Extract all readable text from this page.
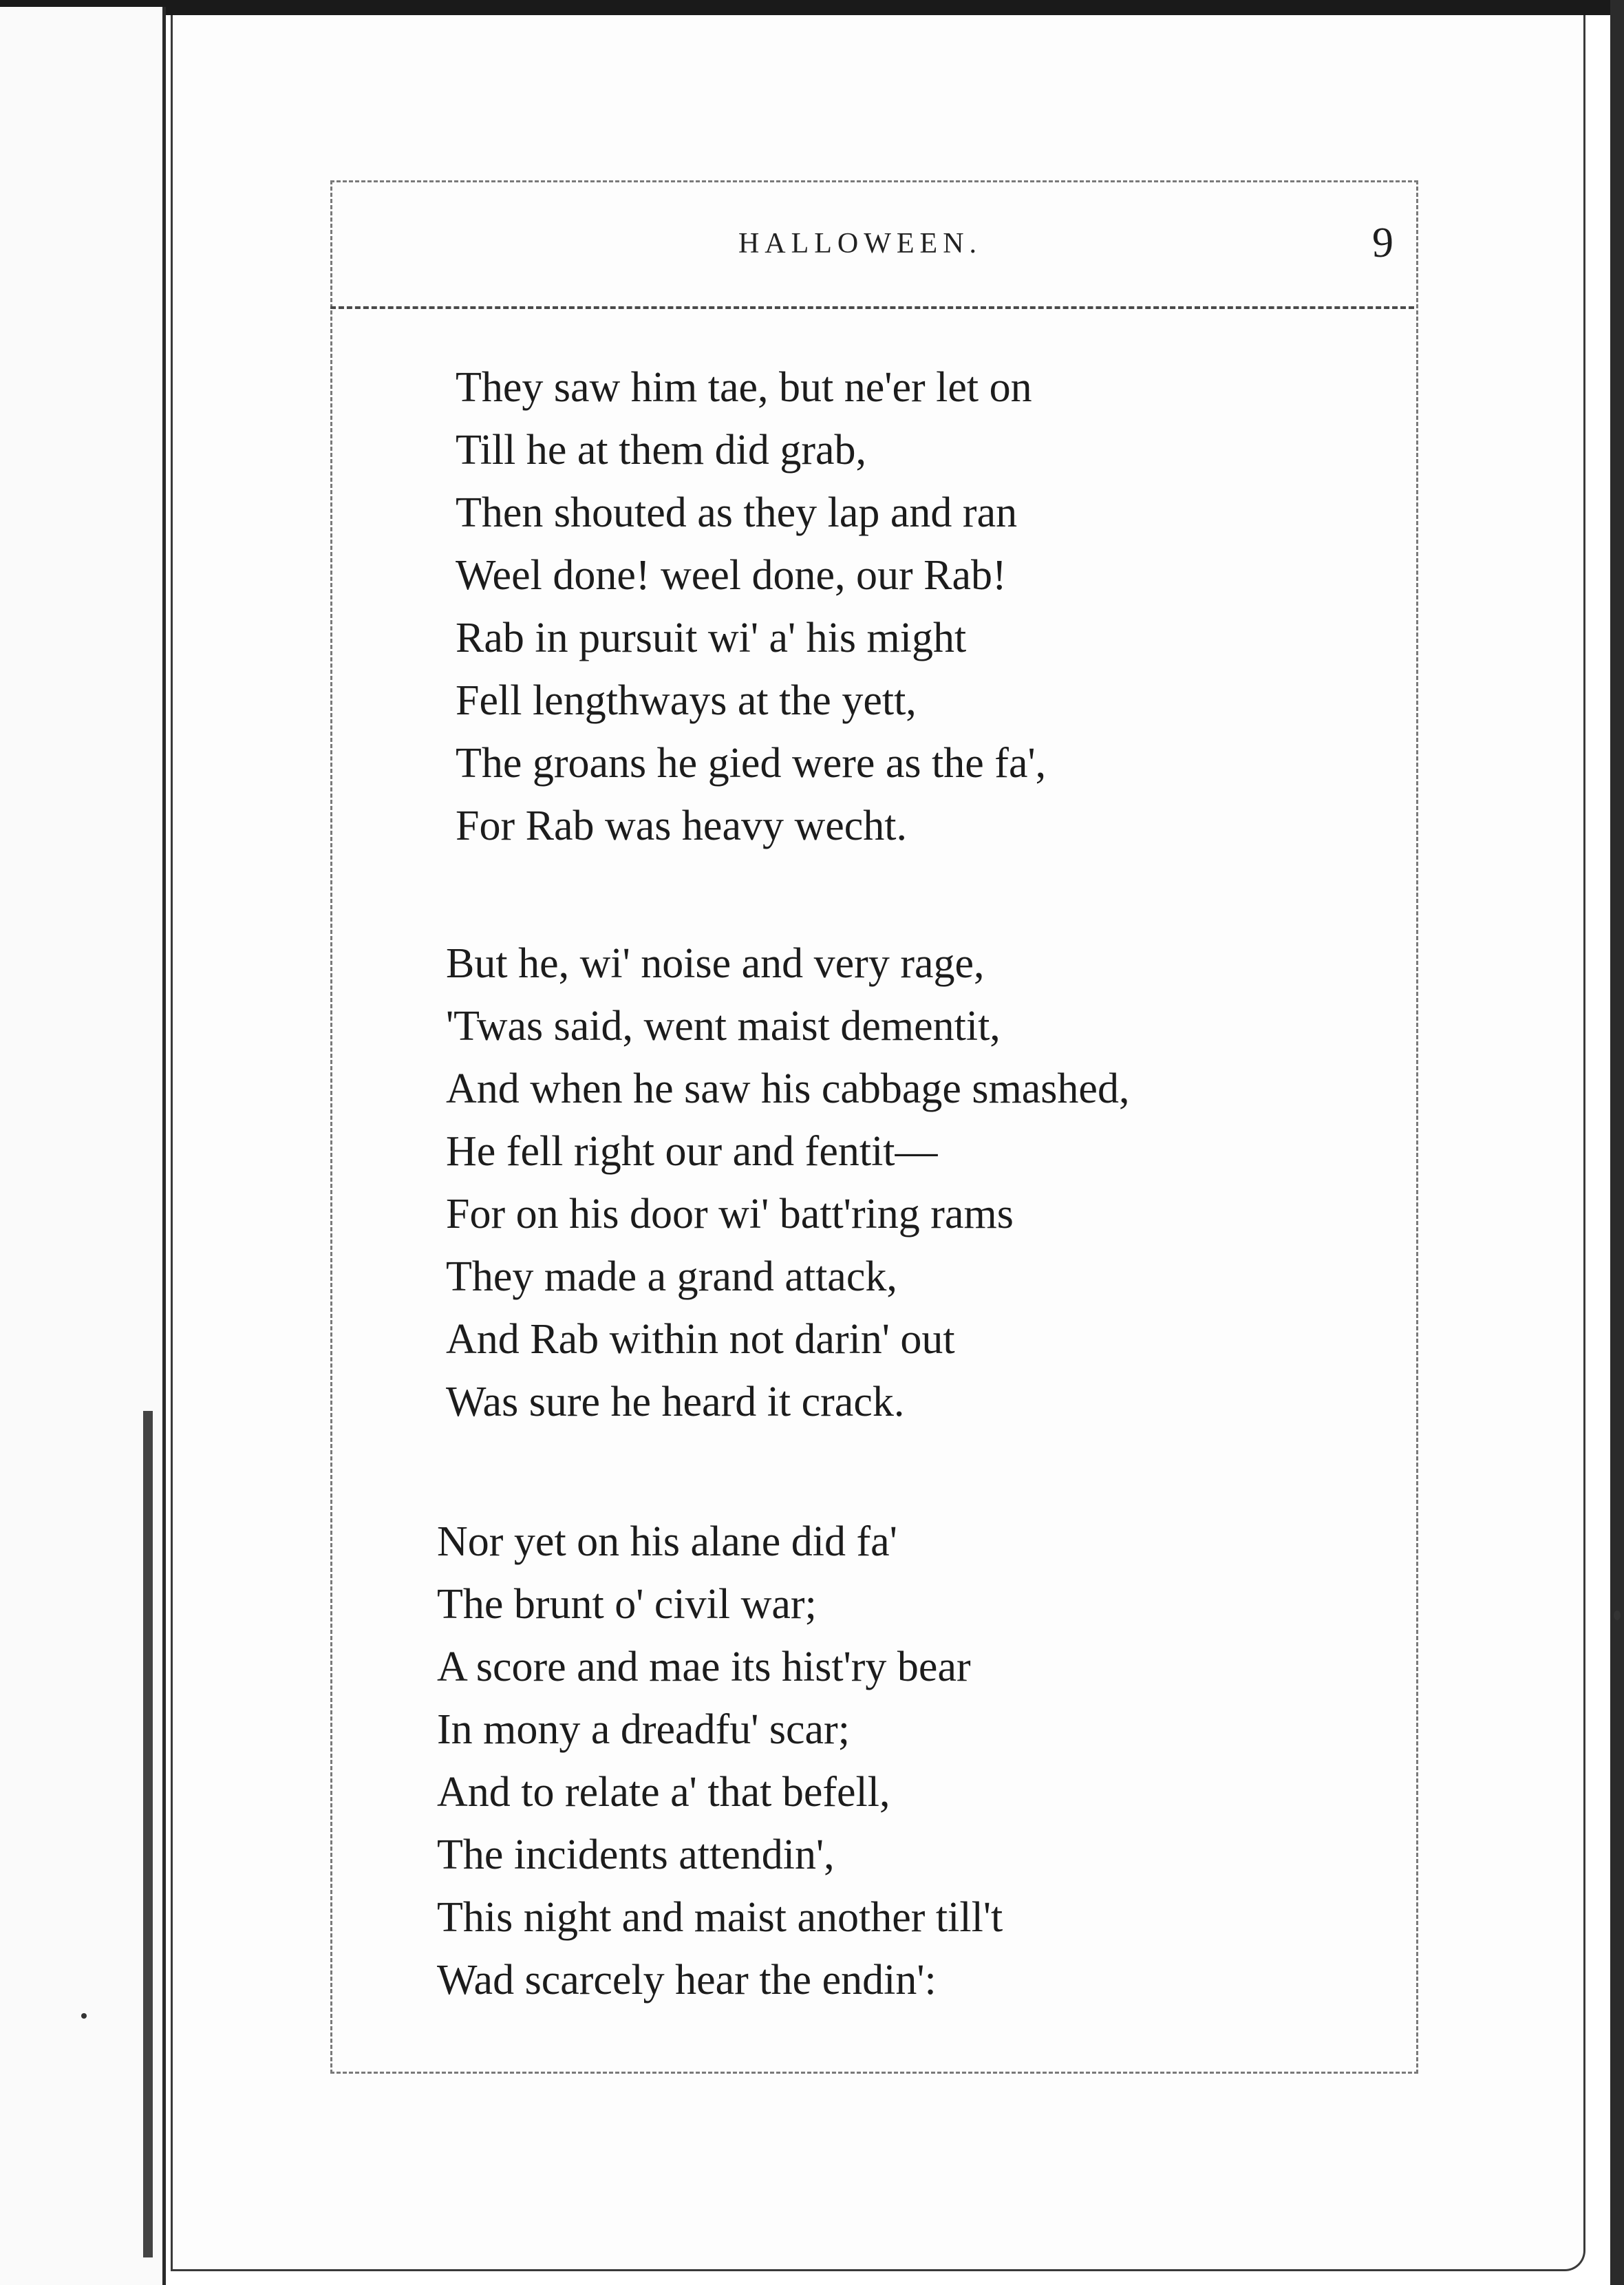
HALLOWEEN.	9
They saw him tae, but ne'er let on
Till he at them did grab,
Then shouted as they lap and ran
Weel done! weel done, our Rab!
Rab in pursuit wi' a' his might
Fell lengthways at the yett,
The groans he gied were as the fa',
For Rab was heavy wecht.
But he, wi' noise and very rage,
'Twas said, went maist dementit,
And when he saw his cabbage smashed,
He fell right our and fentit—
For on his door wi' batt'ring rams
They made a grand attack,
And Rab within not darin' out
Was sure he heard it crack.
Nor yet on his alane did fa'
The brunt o' civil war;
A score and mae its hist'ry bear
In mony a dreadfu' scar;
And to relate a' that befell,
The incidents attendin',
This night and maist another till't
Wad scarcely hear the endin':
